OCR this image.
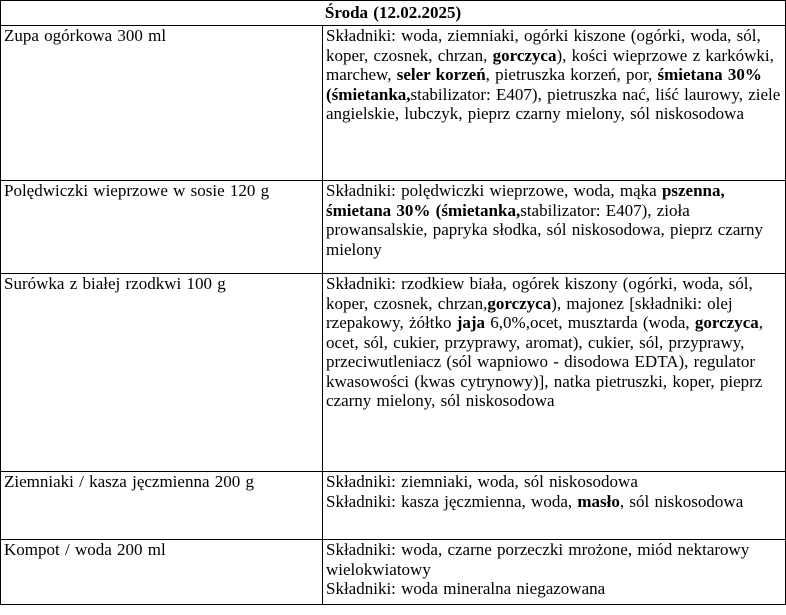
Środa (12.02.2025)	
Zupa ogórkowa 300 ml	Składniki: woda, ziemniaki, ogórki kiszone (ogórki, woda, sól, koper, czosnek, chrzan, gorczyca), kości wieprzowe z karkówki, marchew, seler korzeń, pietruszka korzeń, por, śmietana 30%(śmietanka,stabilizator: E407), pietruszka nać, liść laurowy, ziele angielskie, lubczyk, pieprz czarny mielony, sól niskosodowa

Polędwiczki wieprzowe w sosie 120 g	Składniki: polędwiczki wieprzowe, woda, mąka pszenna, śmietana 30% (śmietanka,stabilizator: E407), zioła prowansalskie, papryka słodka, sól niskosodowa, pieprz czarny mielony

Surówka z białej rzodkwi 100 g	Składniki: rzodkiew biała, ogórek kiszony (ogórki, woda, sól, koper, czosnek, chrzan,gorczyca), majonez [składniki: olej rzepakowy, żółtko jaja 6,0%,ocet, musztarda (woda, gorczyca, ocet, sól, cukier, przyprawy, aromat), cukier, sól, przyprawy, przeciwutleniacz (sól wapniowo - disodowa EDTA), regulator kwasowości (kwas cytrynowy)], natka pietruszki, koper, pieprz czarny mielony, sól niskosodowa

Ziemniaki / kasza jęczmienna 200 g	Składniki: ziemniaki, woda, sól niskosodowa
Składniki: kasza jęczmienna, woda, masło, sól niskosodowa

Kompot / woda 200 ml	Składniki: woda, czarne porzeczki mrożone, miód nektarowy wielokwiatowy
Składniki: woda mineralna niegazowana
